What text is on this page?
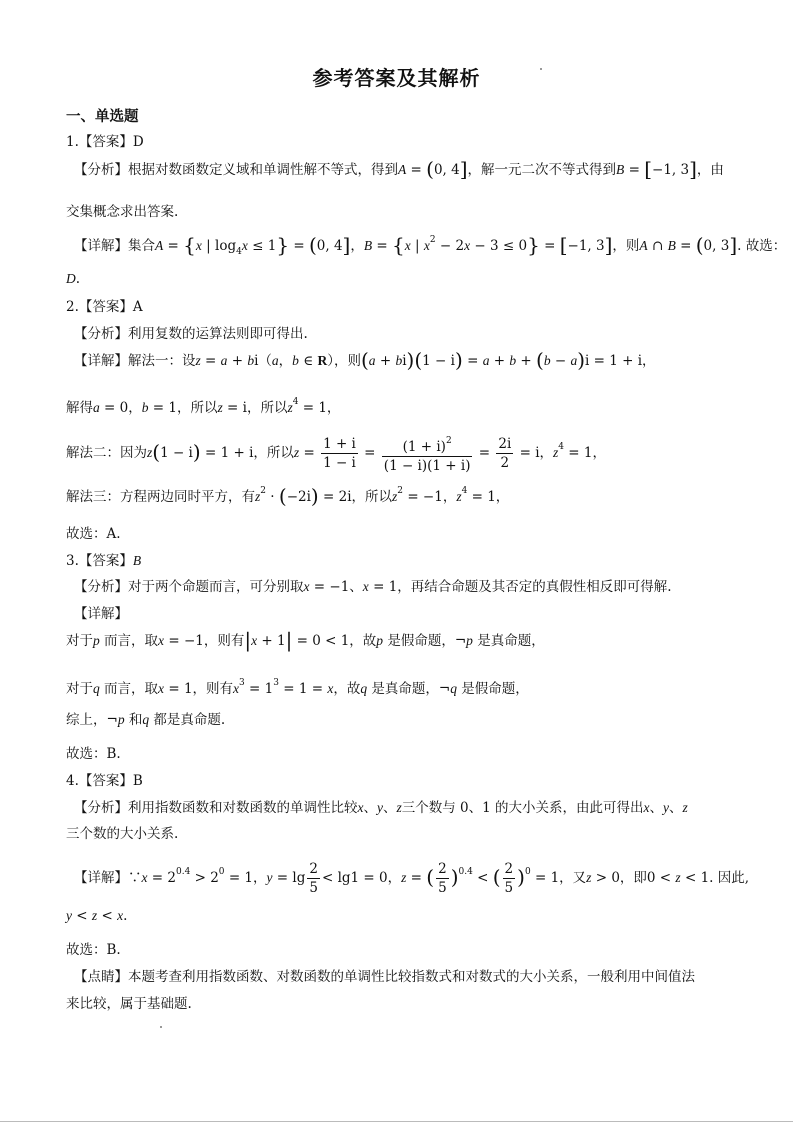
参考答案及其解析
一、单选题
1.【答案】D
【分析】根据对数函数定义域和单调性解不等式，得到A = (0, 4]，解一元二次不等式得到B = [−1, 3]，由
交集概念求出答案.
【详解】集合A = {x | $\log_4x \le 1\} = (0$, 4]，B = {x | $x^2 - 2x - 3 \le 0\} = [-1$, 3]，则A ∩ B = (0, 3]. 故选：
D.
2.【答案】A
【分析】利用复数的运算法则即可得出.
【详解】解法一：设z = a + bi（a，b ∈ R），则(a + bi)(1 − i) = a + b + (b − a)i = 1 + i，
解得a = 0，b = 1，所以z = i，所以$z^4 = 1$，
解法二：因为z(1 − i) = 1 + i，所以$z = \frac{1 + i}{1 - i} = \frac{(1 + i)^2}{(1 - i)(1 + i)} = \frac{2i}{2} = i$，$z^4 = 1$，
解法三：方程两边同时平方，有$z^2 \cdot (-2i) = 2i$，所以$z^2 = -1$，$z^4 = 1$，
故选：A.
3.【答案】B
【分析】对于两个命题而言，可分别取x = −1、x = 1，再结合命题及其否定的真假性相反即可得解.
【详解】
对于p 而言，取x = −1，则有|x + 1| = 0 < 1，故p 是假命题，¬p 是真命题，
对于q 而言，取x = 1，则有$x^3 = 1^3 = 1 = x$，故q 是真命题，¬q 是假命题，
综上，¬p 和q 都是真命题.
故选：B.
4.【答案】B
【分析】利用指数函数和对数函数的单调性比较x、y、z三个数与 0、1 的大小关系，由此可得出x、y、z
三个数的大小关系.
【详解】∵x = $2^{0.4} > 2^0 = 1$，$y = \lg \frac{2}{5} < \lg 1 = 0$，z = ( $\frac{2}{5} )^{0.4}$ < ( $\frac{2}{5} )^0 = 1$，又z > 0，即0 < z < 1. 因此,
y < z < x.
故选：B.
【点睛】本题考查利用指数函数、对数函数的单调性比较指数式和对数式的大小关系，一般利用中间值法
来比较，属于基础题.
